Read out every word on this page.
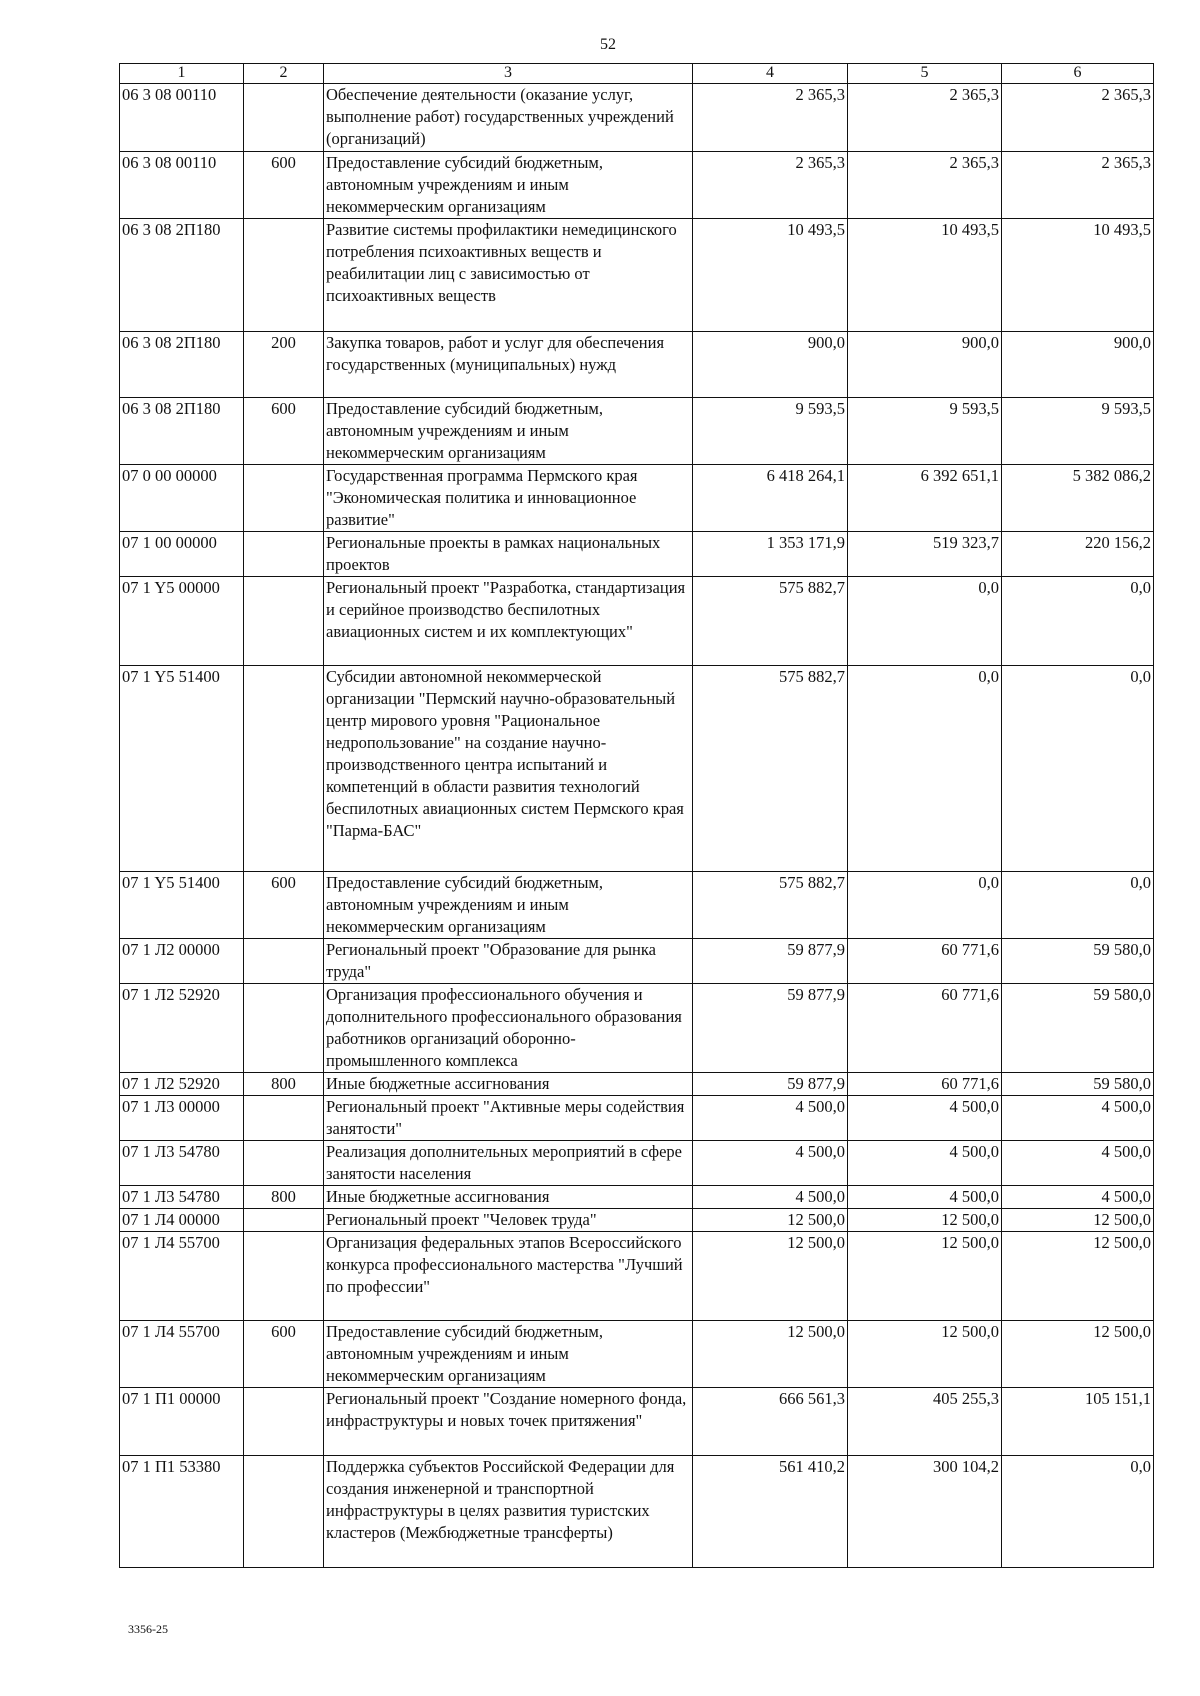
52
1	2	3	4	5	6
06 3 08 00110		Обеспечение деятельности (оказание услуг, выполнение работ) государственных учреждений (организаций)	2 365,3	2 365,3	2 365,3
06 3 08 00110	600	Предоставление субсидий бюджетным, автономным учреждениям и иным некоммерческим организациям	2 365,3	2 365,3	2 365,3
06 3 08 2П180		Развитие системы профилактики немедицинского потребления психоактивных веществ и реабилитации лиц с зависимостью от психоактивных веществ	10 493,5	10 493,5	10 493,5
06 3 08 2П180	200	Закупка товаров, работ и услуг для обеспечения государственных (муниципальных) нужд	900,0	900,0	900,0
06 3 08 2П180	600	Предоставление субсидий бюджетным, автономным учреждениям и иным некоммерческим организациям	9 593,5	9 593,5	9 593,5
07 0 00 00000		Государственная программа Пермского края "Экономическая политика и инновационное развитие"	6 418 264,1	6 392 651,1	5 382 086,2
07 1 00 00000		Региональные проекты в рамках национальных проектов	1 353 171,9	519 323,7	220 156,2
07 1 Y5 00000		Региональный проект "Разработка, стандартизация и серийное производство беспилотных авиационных систем и их комплектующих"	575 882,7	0,0	0,0
07 1 Y5 51400		Субсидии автономной некоммерческой организации "Пермский научно-образовательный центр мирового уровня "Рациональное недропользование" на создание научно-производственного центра испытаний и компетенций в области развития технологий беспилотных авиационных систем Пермского края "Парма-БАС"	575 882,7	0,0	0,0
07 1 Y5 51400	600	Предоставление субсидий бюджетным, автономным учреждениям и иным некоммерческим организациям	575 882,7	0,0	0,0
07 1 Л2 00000		Региональный проект "Образование для рынка труда"	59 877,9	60 771,6	59 580,0
07 1 Л2 52920		Организация профессионального обучения и дополнительного профессионального образования работников организаций оборонно-промышленного комплекса	59 877,9	60 771,6	59 580,0
07 1 Л2 52920	800	Иные бюджетные ассигнования	59 877,9	60 771,6	59 580,0
07 1 Л3 00000		Региональный проект "Активные меры содействия занятости"	4 500,0	4 500,0	4 500,0
07 1 Л3 54780		Реализация дополнительных мероприятий в сфере занятости населения	4 500,0	4 500,0	4 500,0
07 1 Л3 54780	800	Иные бюджетные ассигнования	4 500,0	4 500,0	4 500,0
07 1 Л4 00000		Региональный проект "Человек труда"	12 500,0	12 500,0	12 500,0
07 1 Л4 55700		Организация федеральных этапов Всероссийского конкурса профессионального мастерства "Лучший по профессии"	12 500,0	12 500,0	12 500,0
07 1 Л4 55700	600	Предоставление субсидий бюджетным, автономным учреждениям и иным некоммерческим организациям	12 500,0	12 500,0	12 500,0
07 1 П1 00000		Региональный проект "Создание номерного фонда, инфраструктуры и новых точек притяжения"	666 561,3	405 255,3	105 151,1
07 1 П1 53380		Поддержка субъектов Российской Федерации для создания инженерной и транспортной инфраструктуры в целях развития туристских кластеров (Межбюджетные трансферты)	561 410,2	300 104,2	0,0
3356-25
